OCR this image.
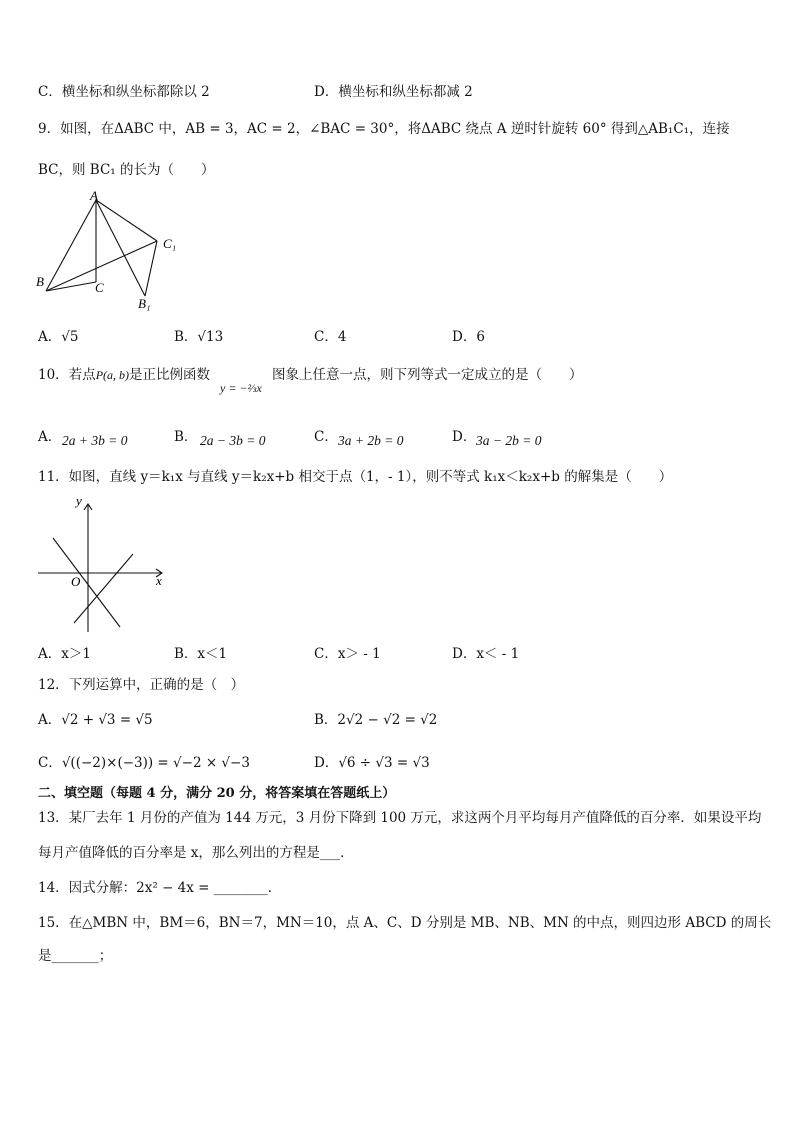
C．横坐标和纵坐标都除以 2	D．横坐标和纵坐标都减 2
9．如图，在ΔABC 中，AB = 3，AC = 2，∠BAC = 30°，将ΔABC 绕点 A 逆时针旋转 60° 得到△AB₁C₁，连接
BC，则 BC₁ 的长为（　　）
A
B	C
C₁
B₁
A．√5	B．√13	C．4	D．6
10．若点P(a, b)是正比例函数
y = −⅔x
图象上任意一点，则下列等式一定成立的是（　　）
A． 2a + 3b = 0	B． 2a − 3b = 0	C． 3a + 2b = 0	D． 3a − 2b = 0
11．如图，直线 y＝k₁x 与直线 y＝k₂x+b 相交于点（1，- 1），则不等式 k₁x＜k₂x+b 的解集是（　　）
y
x
O
A．x＞1	B．x＜1	C．x＞ - 1	D．x＜ - 1
12．下列运算中，正确的是（　）
A．√2 + √3 = √5	B．2√2 − √2 = √2
C．√((−2)×(−3)) = √−2 × √−3	D．√6 ÷ √3 = √3
二、填空题（每题 4 分，满分 20 分，将答案填在答题纸上）
13．某厂去年 1 月份的产值为 144 万元，3 月份下降到 100 万元，求这两个月平均每月产值降低的百分率．如果设平均
每月产值降低的百分率是 x，那么列出的方程是___．
14．因式分解：2x² − 4x = ________．
15．在△MBN 中，BM＝6，BN＝7，MN＝10，点 A、C、D 分别是 MB、NB、MN 的中点，则四边形 ABCD 的周长
是_______；
